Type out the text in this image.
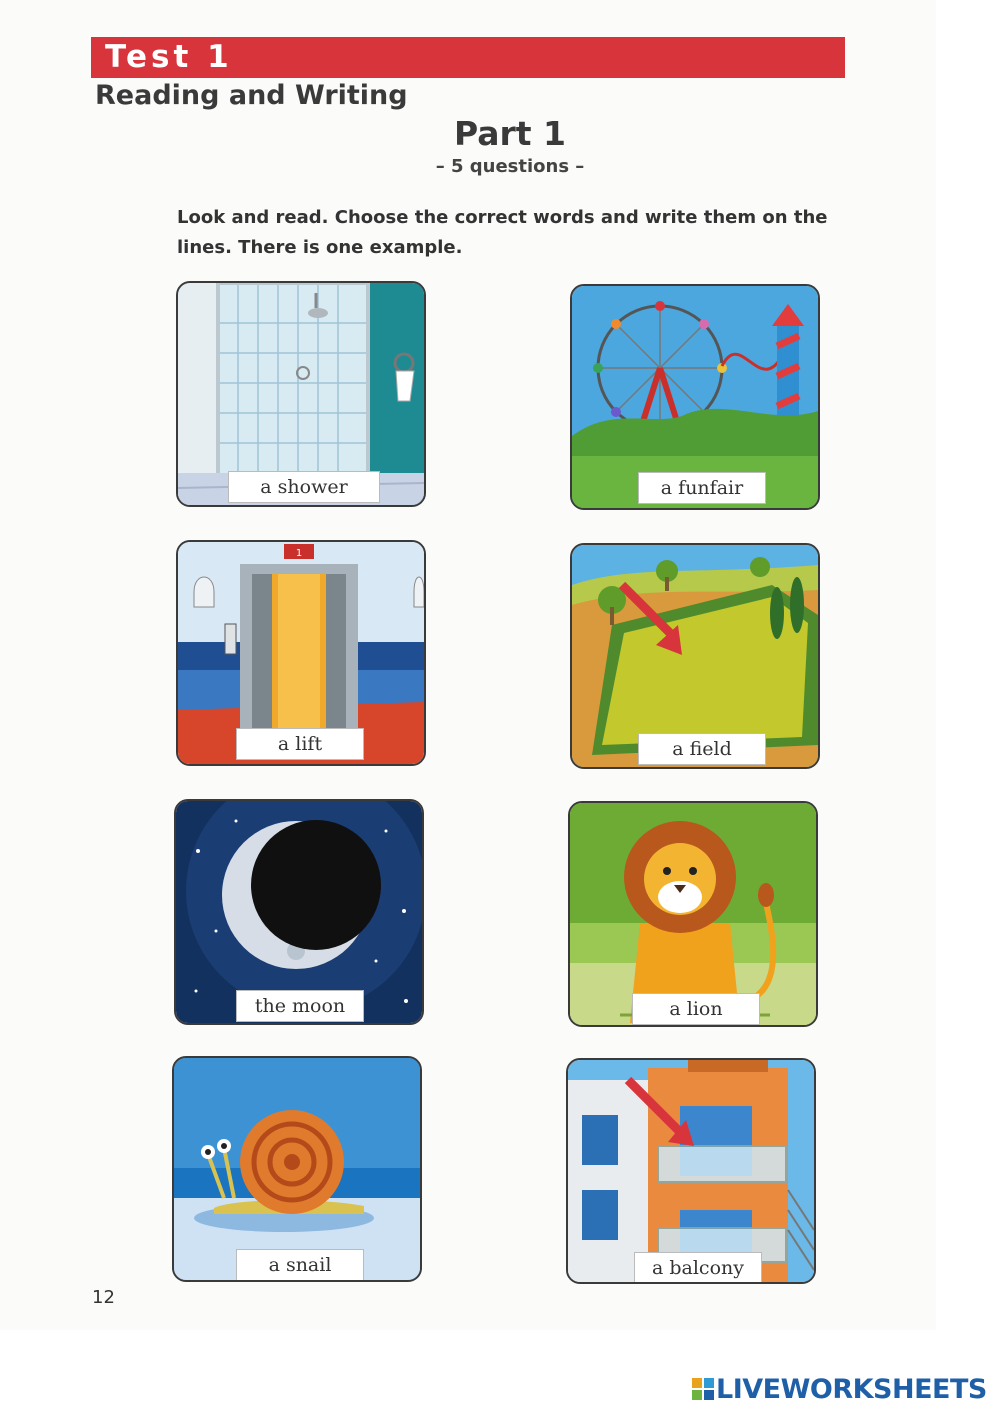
Test 1
Reading and Writing
Part 1
– 5 questions –
Look and read. Choose the correct words and write them on the lines. There is one example.
a shower	a funfair
1
a lift	a field
the moon	a lion
a snail	a balcony
12
LIVEWORKSHEETS
